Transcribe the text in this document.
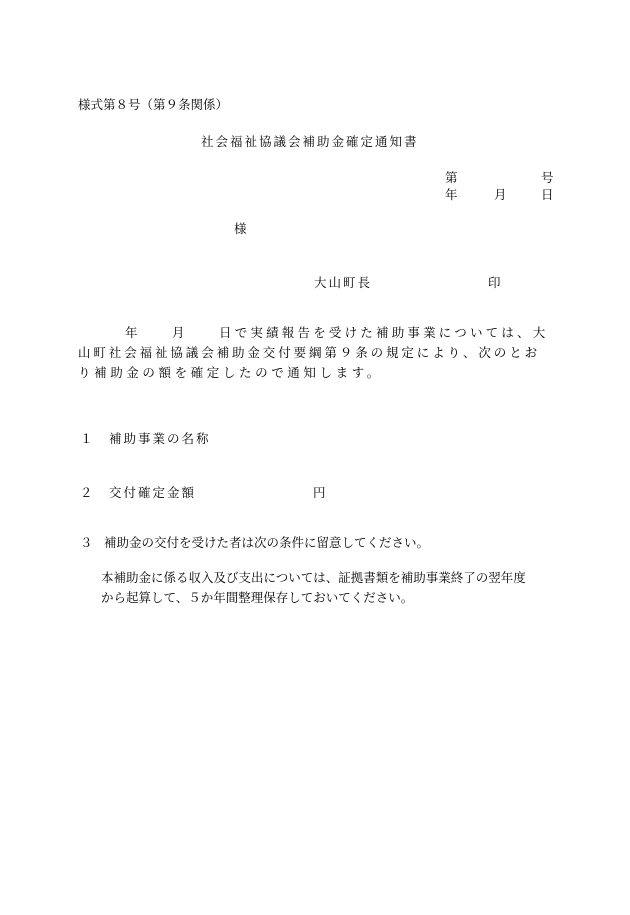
様式第８号（第９条関係）
社会福祉協議会補助金確定通知書
第	号
年	月	日
様
大山町長	印
年	月	日で実績報告を受けた補助事業については、大
山町社会福祉協議会補助金交付要綱第９条の規定により、次のとお
り補助金の額を確定したので通知します。
１ 補助事業の名称
２ 交付確定金額	円
３ 補助金の交付を受けた者は次の条件に留意してください。
本補助金に係る収入及び支出については、証拠書類を補助事業終了の翌年度
から起算して、５か年間整理保存しておいてください。
